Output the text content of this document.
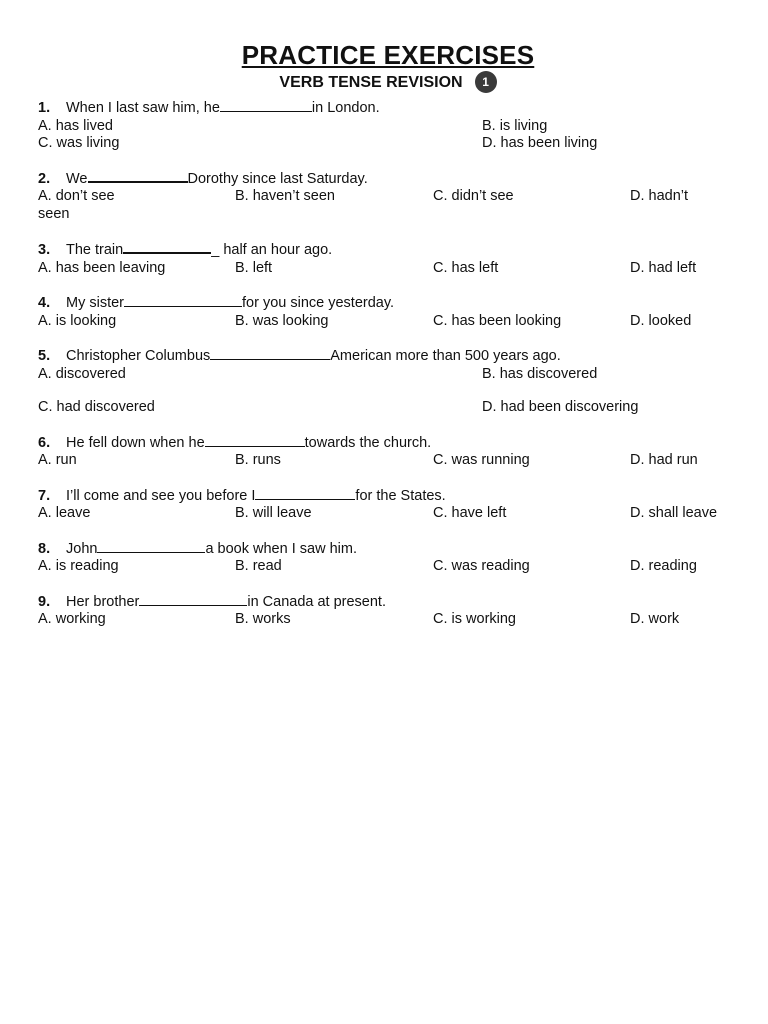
PRACTICE EXERCISES
VERB TENSE REVISION 1
1. When I last saw him, he	in London.
A. has lived	B. is living
C. was living	D. has been living
2. We	Dorothy since last Saturday.
A. don’t see	B. haven’t seen	C. didn’t see	D. hadn’t
seen
3. The train	_ half an hour ago.
A. has been leaving	B. left	C. has left	D. had left
4. My sister	for you since yesterday.
A. is looking	B. was looking	C. has been looking	D. looked
5. Christopher Columbus	American more than 500 years ago.
A. discovered	B. has discovered
C. had discovered	D. had been discovering
6. He fell down when he	towards the church.
A. run	B. runs	C. was running	D. had run
7. I’ll come and see you before I	for the States.
A. leave	B. will leave	C. have left	D. shall leave
8. John	a book when I saw him.
A. is reading	B. read	C. was reading	D. reading
9. Her brother	in Canada at present.
A. working	B. works	C. is working	D. work
